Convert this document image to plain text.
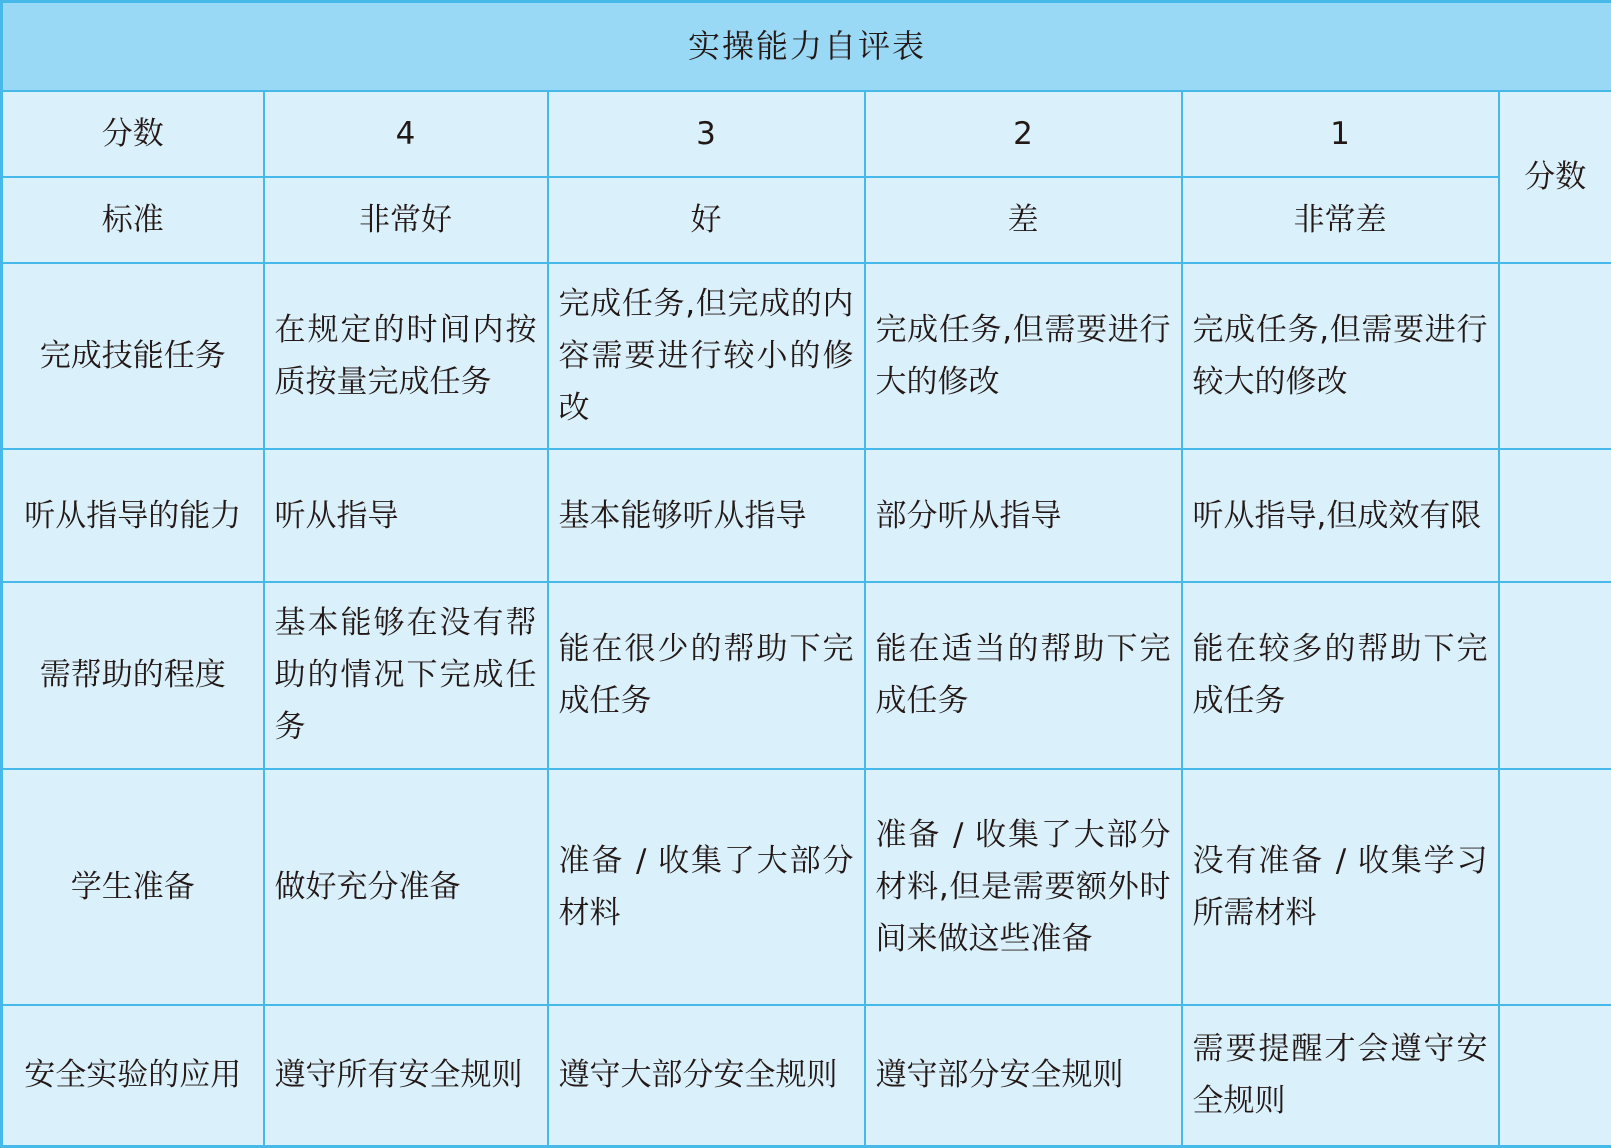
实操能力自评表					
分数	4	3	2	1	分数
标准	非常好	好	差	非常差	
完成技能任务	在规定的时间内按质按量完成任务	完成任务,但完成的内容需要进行较小的修改	完成任务,但需要进行大的修改	完成任务,但需要进行较大的修改	
听从指导的能力	听从指导	基本能够听从指导	部分听从指导	听从指导,但成效有限	
需帮助的程度	基本能够在没有帮助的情况下完成任务	能在很少的帮助下完成任务	能在适当的帮助下完成任务	能在较多的帮助下完成任务	
学生准备	做好充分准备	准备 / 收集了大部分材料	准备 / 收集了大部分材料,但是需要额外时间来做这些准备	没有准备 / 收集学习所需材料	
安全实验的应用	遵守所有安全规则	遵守大部分安全规则	遵守部分安全规则	需要提醒才会遵守安全规则	
